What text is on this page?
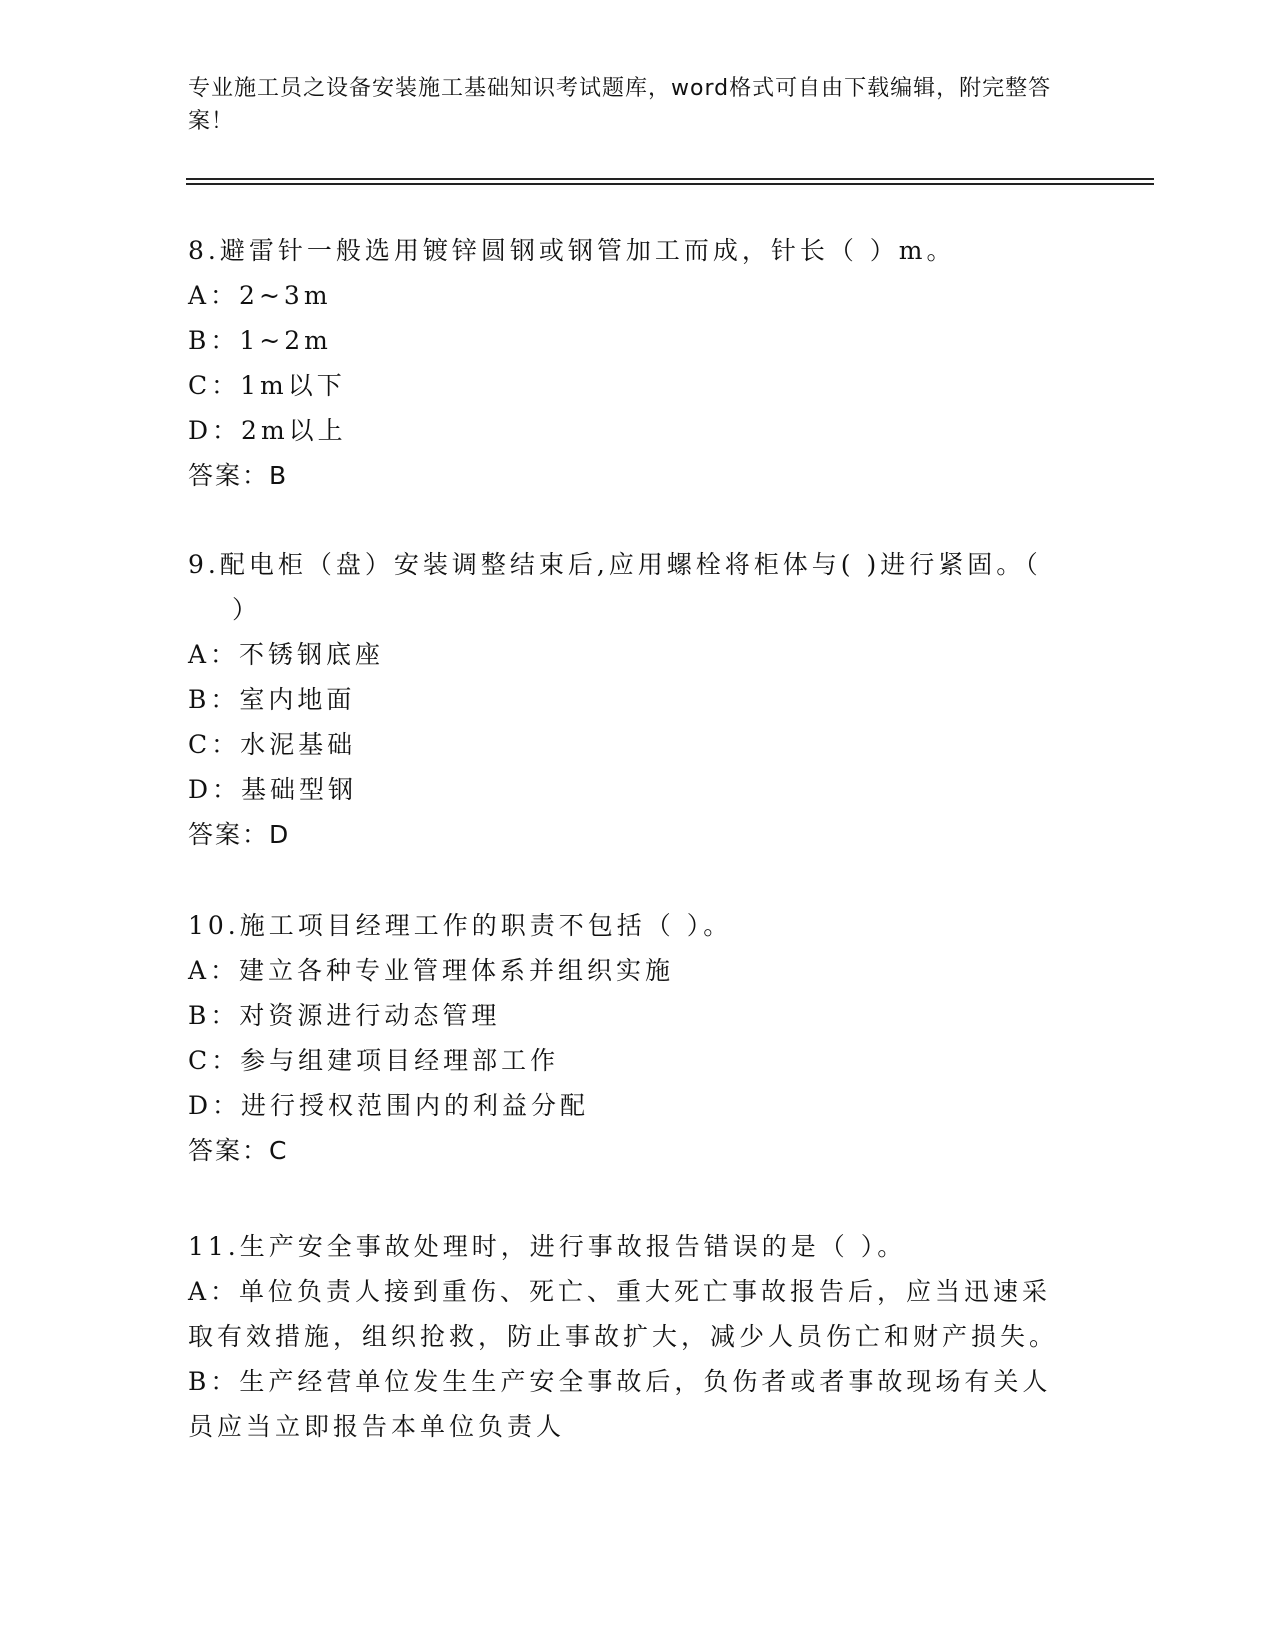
专业施工员之设备安装施工基础知识考试题库，word格式可自由下载编辑，附完整答案！
8.避雷针一般选用镀锌圆钢或钢管加工而成，针长（ ）m。
A：2~3m
B：1~2m
C：1m以下
D：2m以上
答案：B
9.配电柜（盘）安装调整结束后,应用螺栓将柜体与( )进行紧固。（
）
A：不锈钢底座
B：室内地面
C：水泥基础
D：基础型钢
答案：D
10.施工项目经理工作的职责不包括（ ）。
A：建立各种专业管理体系并组织实施
B：对资源进行动态管理
C：参与组建项目经理部工作
D：进行授权范围内的利益分配
答案：C
11.生产安全事故处理时，进行事故报告错误的是（ ）。
A：单位负责人接到重伤、死亡、重大死亡事故报告后，应当迅速采取有效措施，组织抢救，防止事故扩大，减少人员伤亡和财产损失。
B：生产经营单位发生生产安全事故后，负伤者或者事故现场有关人员应当立即报告本单位负责人
